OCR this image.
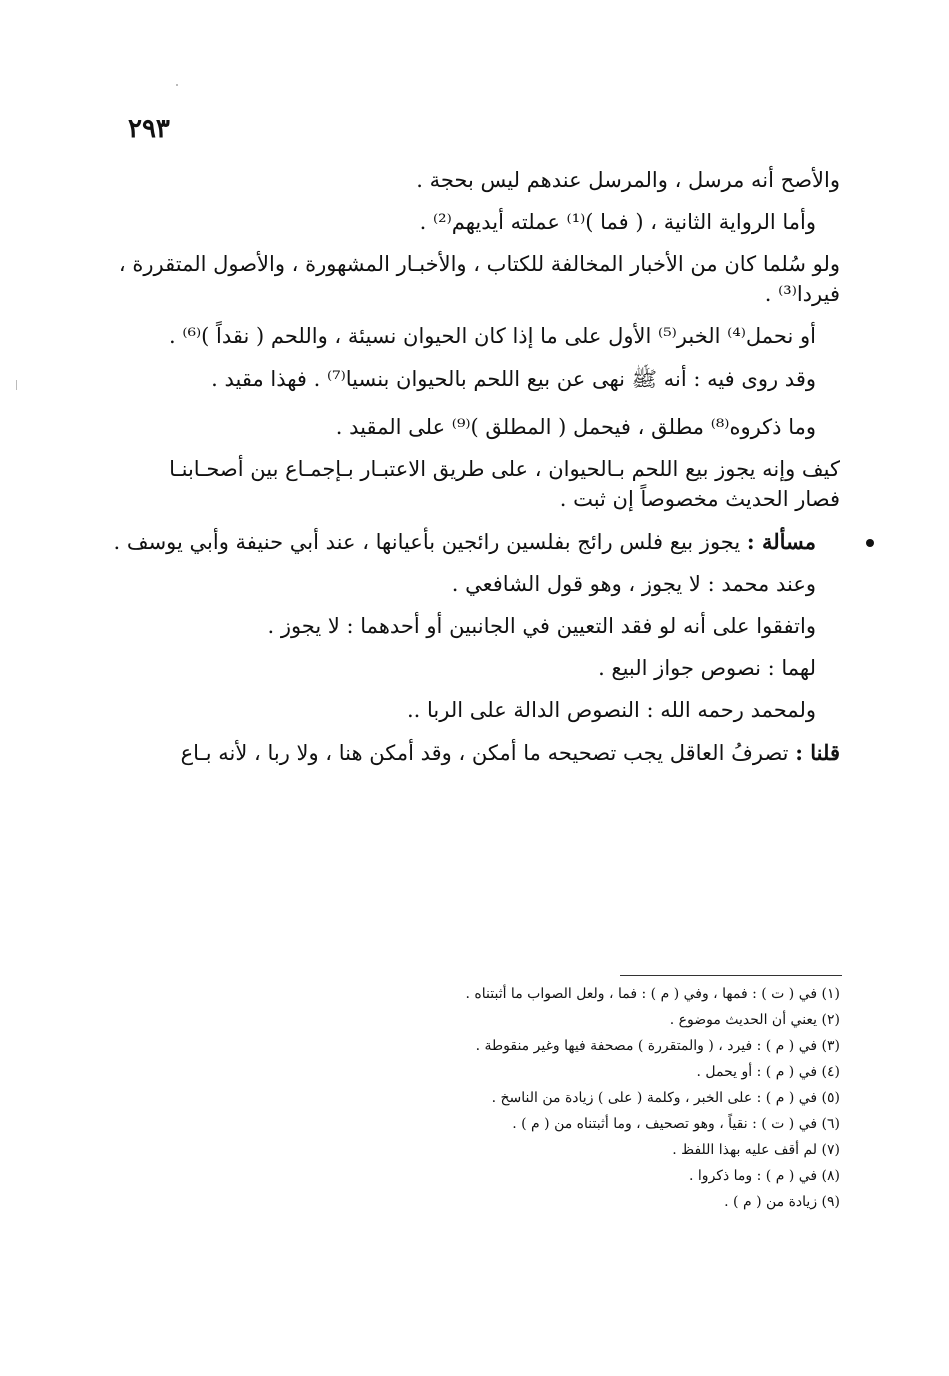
٢٩٣

والأصح أنه مرسل ، والمرسل عندهم ليس بحجة .

وأما الرواية الثانية ، ( فما )⁽¹⁾ عملته أيديهم⁽²⁾ .

ولو سُلما كان من الأخبار المخالفة للكتاب ، والأخبـار المشهورة ، والأصول المتقررة ،

فيردا⁽³⁾ .

أو نحمل⁽⁴⁾ الخبر⁽⁵⁾ الأول على ما إذا كان الحيوان نسيئة ، واللحم ( نقداً )⁽⁶⁾ .

وقد روى فيه : أنه ﷺ نهى عن بيع اللحم بالحيوان بنسيا⁽⁷⁾ . فهذا مقيد .

وما ذكروه⁽⁸⁾ مطلق ، فيحمل ( المطلق )⁽⁹⁾ على المقيد .

كيف وإنه يجوز بيع اللحم بـالحيوان ، على طريق الاعتبـار بـإجمـاع بين أصحـابنـا

فصار الحديث مخصوصاً إن ثبت .

مسألة : يجوز بيع فلس رائج بفلسين رائجين بأعيانها ، عند أبي حنيفة وأبي يوسف .

وعند محمد : لا يجوز ، وهو قول الشافعي .

واتفقوا على أنه لو فقد التعيين في الجانبين أو أحدهما : لا يجوز .

لهما : نصوص جواز البيع .

ولمحمد رحمه الله : النصوص الدالة على الربا ..

قلنا : تصرفُ العاقل يجب تصحيحه ما أمكن ، وقد أمكن هنا ، ولا ربا ، لأنه بـاع

(١) في ( ت ) : فمها ، وفي ( م ) : فما ، ولعل الصواب ما أثبتناه .

(٢) يعني أن الحديث موضوع .

(٣) في ( م ) : فيرد ، ( والمتقررة ) مصحفة فيها وغير منقوطة .

(٤) في ( م ) : أو يحمل .

(٥) في ( م ) : على الخبر ، وكلمة ( على ) زيادة من الناسخ .

(٦) في ( ت ) : نقياً ، وهو تصحيف ، وما أثبتناه من ( م ) .

(٧) لم أقف عليه بهذا اللفظ .

(٨) في ( م ) : وما ذكروا .

(٩) زيادة من ( م ) .
